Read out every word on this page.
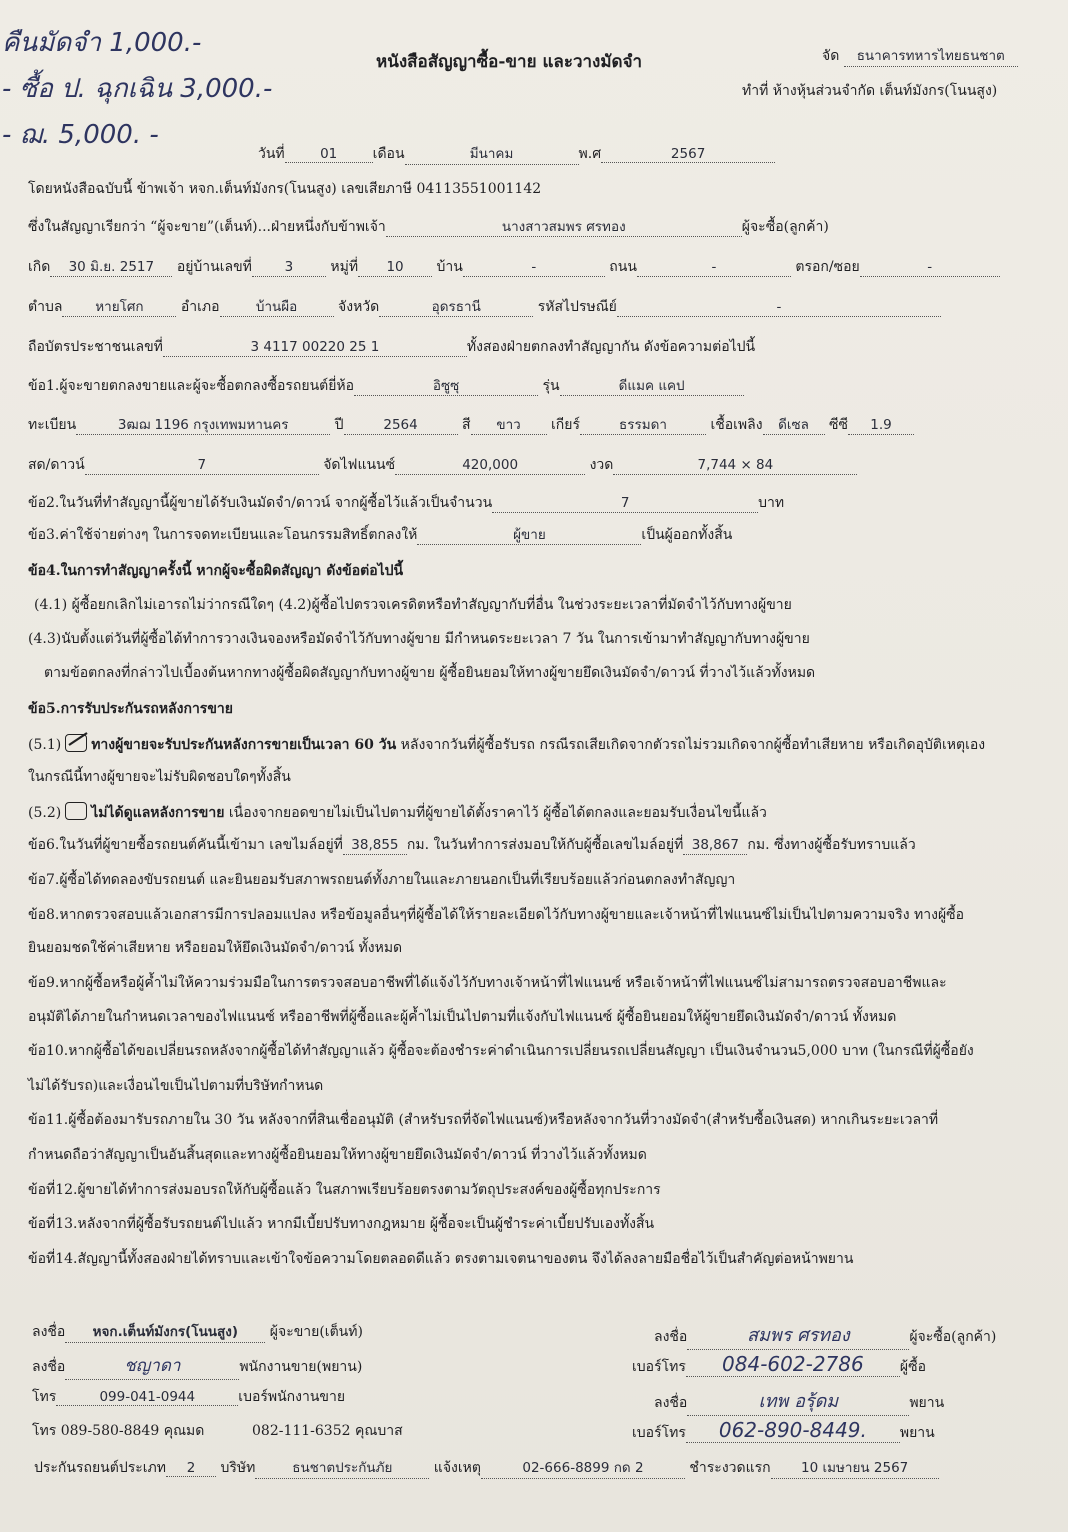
คืนมัดจำ 1,000.-
- ซื้อ ป. ฉุกเฉิน 3,000.-
- ฌ. 5,000. -
หนังสือสัญญาซื้อ-ขาย และวางมัดจำ	จัด ธนาคารทหารไทยธนชาต
ทำที่ ห้างหุ้นส่วนจำกัด เต็นท์มังกร(โนนสูง)
วันที่	01	เดือน	มีนาคม	พ.ศ	2567
โดยหนังสือฉบับนี้ ข้าพเจ้า หจก.เต็นท์มังกร(โนนสูง) เลขเสียภาษี 0411355100114​2
ซึ่งในสัญญาเรียกว่า “ผู้จะขาย”(เต็นท์)...ฝ่ายหนึ่งกับข้าพเจ้า	นางสาวสมพร ศรทอง	ผู้จะซื้อ(ลูกค้า)
เกิด 30 มิ.ย. 2517 อยู่บ้านเลขที่ 3	หมู่ที่ 10 บ้าน	-	ถนน	-	ตรอก/ซอย	-
ตำบล หายโศก	อำเภอ	บ้านผือ	จังหวัด	อุดรธานี	รหัสไปรษณีย์	-
ถือบัตรประชาชนเลขที่	3 4117 00220 25 1	ทั้งสองฝ่ายตกลงทำสัญญากัน ดังข้อความต่อไปนี้
ข้อ1.ผู้จะขายตกลงขายและผู้จะซื้อตกลงซื้อรถยนต์ยี่ห้อ	อิซูซุ	รุ่น	ดีแมค แคป
ทะเบียน	3ฒฌ 1196 กรุงเทพมหานคร	ปี	2564	สี ขาว เกียร์	ธรรมดา	เชื้อเพลิง ดีเซล ซีซี 1.9
สด/ดาวน์	7	จัดไฟแนนซ์	420,000	งวด	7,744 × 84
ข้อ2.ในวันที่ทำสัญญานี้ผู้ขายได้รับเงินมัดจำ/ดาวน์ จากผู้ซื้อไว้แล้วเป็นจำนวน	7	บาท
ข้อ3.ค่าใช้จ่ายต่างๆ ในการจดทะเบียนและโอนกรรมสิทธิ์ตกลงให้	ผู้ขาย	เป็นผู้ออกทั้งสิ้น
ข้อ4.ในการทำสัญญาครั้งนี้ หากผู้จะซื้อผิดสัญญา ดังข้อต่อไปนี้
(4.1) ผู้ซื้อยกเลิกไม่เอารถไม่ว่ากรณีใดๆ (4.2)ผู้ซื้อไปตรวจเครดิตหรือทำสัญญากับที่อื่น ในช่วงระยะเวลาที่มัดจำไว้กับทางผู้ขาย
(4.3)นับตั้งแต่วันที่ผู้ซื้อได้ทำการวางเงินจองหรือมัดจำไว้กับทางผู้ขาย มีกำหนดระยะเวลา 7 วัน ในการเข้ามาทำสัญญากับทางผู้ขาย
ตามข้อตกลงที่กล่าวไปเบื้องต้นหากทางผู้ซื้อผิดสัญญากับทางผู้ขาย ผู้ซื้อยินยอมให้ทางผู้ขายยึดเงินมัดจำ/ดาวน์ ที่วางไว้แล้วทั้งหมด
ข้อ5.การรับประกันรถหลังการขาย
(5.1) ทางผู้ขายจะรับประกันหลังการขายเป็นเวลา 60 วัน หลังจากวันที่ผู้ซื้อรับรถ กรณีรถเสียเกิดจากตัวรถไม่รวมเกิดจากผู้ซื้อทำเสียหาย หรือเกิดอุบัติเหตุเอง
ในกรณีนี้ทางผู้ขายจะไม่รับผิดชอบใดๆทั้งสิ้น
(5.2) ไม่ได้ดูแลหลังการขาย เนื่องจากยอดขายไม่เป็นไปตามที่ผู้ขายได้ตั้งราคาไว้ ผู้ซื้อได้ตกลงและยอมรับเงื่อนไขนี้แล้ว
ข้อ6.ในวันที่ผู้ขายซื้อรถยนต์คันนี้เข้ามา เลขไมล์อยู่ที่ 38,855 กม. ในวันทำการส่งมอบให้กับผู้ซื้อเลขไมล์อยู่ที่ 38,867 กม. ซึ่งทางผู้ซื้อรับทราบแล้ว
ข้อ7.ผู้ซื้อได้ทดลองขับรถยนต์ และยินยอมรับสภาพรถยนต์ทั้งภายในและภายนอกเป็นที่เรียบร้อยแล้วก่อนตกลงทำสัญญา
ข้อ8.หากตรวจสอบแล้วเอกสารมีการปลอมแปลง หรือข้อมูลอื่นๆที่ผู้ซื้อได้ให้รายละเอียดไว้กับทางผู้ขายและเจ้าหน้าที่ไฟแนนซ์ไม่เป็นไปตามความจริง ทางผู้ซื้อ
ยินยอมชดใช้ค่าเสียหาย หรือยอมให้ยึดเงินมัดจำ/ดาวน์ ทั้งหมด
ข้อ9.หากผู้ซื้อหรือผู้ค้ำไม่ให้ความร่วมมือในการตรวจสอบอาชีพที่ได้แจ้งไว้กับทางเจ้าหน้าที่ไฟแนนซ์ หรือเจ้าหน้าที่ไฟแนนซ์ไม่สามารถตรวจสอบอาชีพและ
อนุมัติได้ภายในกำหนดเวลาของไฟแนนซ์ หรืออาชีพที่ผู้ซื้อและผู้ค้ำไม่เป็นไปตามที่แจ้งกับไฟแนนซ์ ผู้ซื้อยินยอมให้ผู้ขายยึดเงินมัดจำ/ดาวน์ ทั้งหมด
ข้อ10.หากผู้ซื้อได้ขอเปลี่ยนรถหลังจากผู้ซื้อได้ทำสัญญาแล้ว ผู้ซื้อจะต้องชำระค่าดำเนินการเปลี่ยนรถเปลี่ยนสัญญา เป็นเงินจำนวน5,000 บาท (ในกรณีที่ผู้ซื้อยัง
ไม่ได้รับรถ)และเงื่อนไขเป็นไปตามที่บริษัทกำหนด
ข้อ11.ผู้ซื้อต้องมารับรถภายใน 30 วัน หลังจากที่สินเชื่ออนุมัติ (สำหรับรถที่จัดไฟแนนซ์)หรือหลังจากวันที่วางมัดจำ(สำหรับซื้อเงินสด) หากเกินระยะเวลาที่
กำหนดถือว่าสัญญาเป็นอันสิ้นสุดและทางผู้ซื้อยินยอมให้ทางผู้ขายยึดเงินมัดจำ/ดาวน์ ที่วางไว้แล้วทั้งหมด
ข้อที่12.ผู้ขายได้ทำการส่งมอบรถให้กับผู้ซื้อแล้ว ในสภาพเรียบร้อยตรงตามวัตถุประสงค์ของผู้ซื้อทุกประการ
ข้อที่13.หลังจากที่ผู้ซื้อรับรถยนต์ไปแล้ว หากมีเบี้ยปรับทางกฎหมาย ผู้ซื้อจะเป็นผู้ชำระค่าเบี้ยปรับเองทั้งสิ้น
ข้อที่14.สัญญานี้ทั้งสองฝ่ายได้ทราบและเข้าใจข้อความโดยตลอดดีแล้ว ตรงตามเจตนาของตน จึงได้ลงลายมือชื่อไว้เป็นสำคัญต่อหน้าพยาน
ลงชื่อ หจก.เต็นท์มังกร(โนนสูง) ผู้จะขาย(เต็นท์)
ลงชื่อ	ชญาดา	พนักงานขาย(พยาน)
โทร	099-041-0944	เบอร์พนักงานขาย
โทร 089-580-8849 คุณมด	082-111-6352 คุณบาส
ลงชื่อ	สมพร ศรทอง	ผู้จะซื้อ(ลูกค้า)
เบอร์โทร 084-602-2786	ผู้ซื้อ
ลงชื่อ	เทพ อรุ้ดม	พยาน
เบอร์โทร 062-890-8449. พยาน
ประกันรถยนต์ประเภท 2 บริษัท	ธนชาตประกันภัย	แจ้งเหตุ	02-666-8899 กด 2	ชำระงวดแรก 10 เมษายน 2567
